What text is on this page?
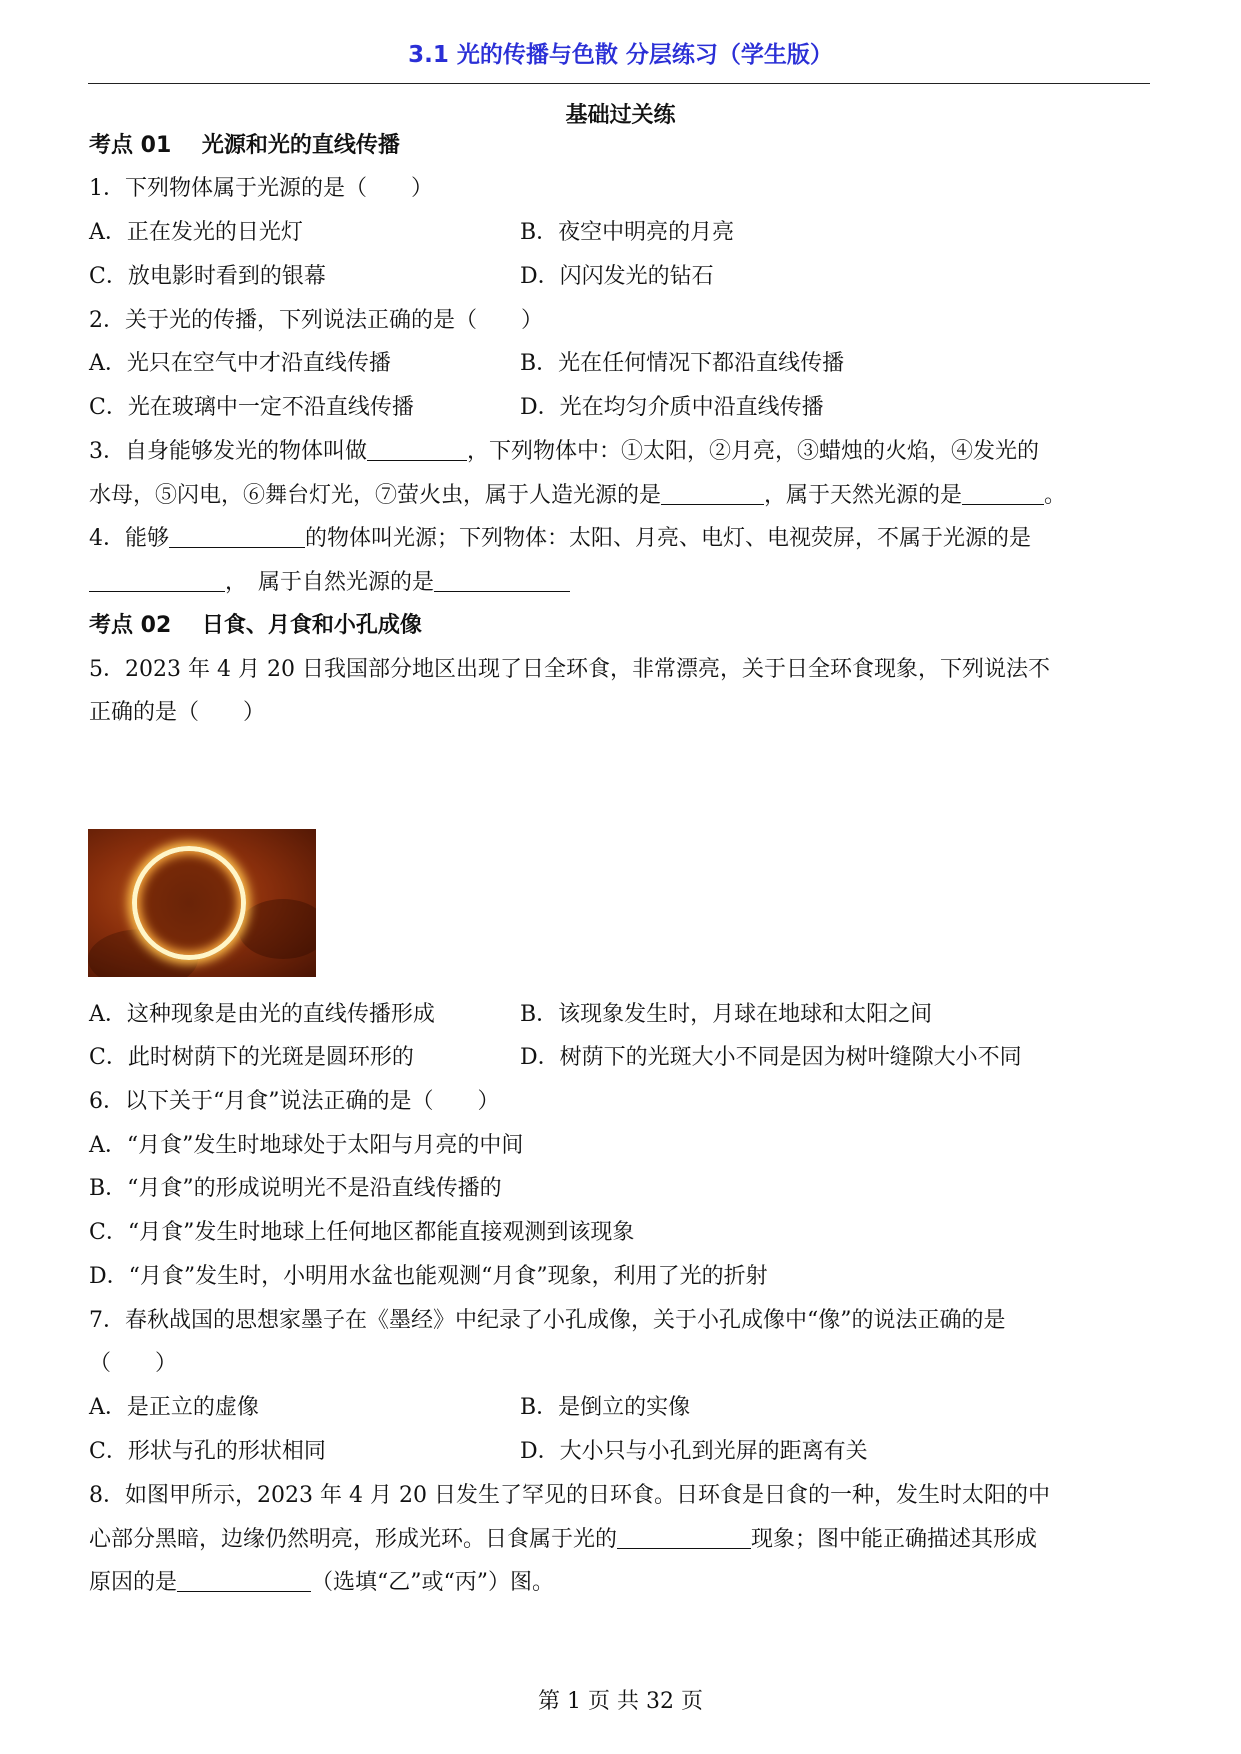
3.1 光的传播与色散 分层练习（学生版）
基础过关练
考点 01 光源和光的直线传播
1．下列物体属于光源的是（　　）
A．正在发光的日光灯	B．夜空中明亮的月亮
C．放电影时看到的银幕	D．闪闪发光的钻石
2．关于光的传播，下列说法正确的是（　　）
A．光只在空气中才沿直线传播	B．光在任何情况下都沿直线传播
C．光在玻璃中一定不沿直线传播	D．光在均匀介质中沿直线传播
3．自身能够发光的物体叫做	，下列物体中：①太阳，②月亮，③蜡烛的火焰，④发光的
水母，⑤闪电，⑥舞台灯光，⑦萤火虫，属于人造光源的是	，属于天然光源的是	。
4．能够	的物体叫光源；下列物体：太阳、月亮、电灯、电视荧屏，不属于光源的是
，　属于自然光源的是
考点 02 日食、月食和小孔成像
5．2023 年 4 月 20 日我国部分地区出现了日全环食，非常漂亮，关于日全环食现象，下列说法不
正确的是（　　）
A．这种现象是由光的直线传播形成	B．该现象发生时，月球在地球和太阳之间
C．此时树荫下的光斑是圆环形的	D．树荫下的光斑大小不同是因为树叶缝隙大小不同
6．以下关于“月食”说法正确的是（　　）
A．“月食”发生时地球处于太阳与月亮的中间
B．“月食”的形成说明光不是沿直线传播的
C．“月食”发生时地球上任何地区都能直接观测到该现象
D．“月食”发生时，小明用水盆也能观测“月食”现象，利用了光的折射
7．春秋战国的思想家墨子在《墨经》中纪录了小孔成像，关于小孔成像中“像”的说法正确的是
（　　）
A．是正立的虚像	B．是倒立的实像
C．形状与孔的形状相同	D．大小只与小孔到光屏的距离有关
8．如图甲所示，2023 年 4 月 20 日发生了罕见的日环食。日环食是日食的一种，发生时太阳的中
心部分黑暗，边缘仍然明亮，形成光环。日食属于光的	现象；图中能正确描述其形成
原因的是	（选填“乙”或“丙”）图。
第 1 页 共 32 页
